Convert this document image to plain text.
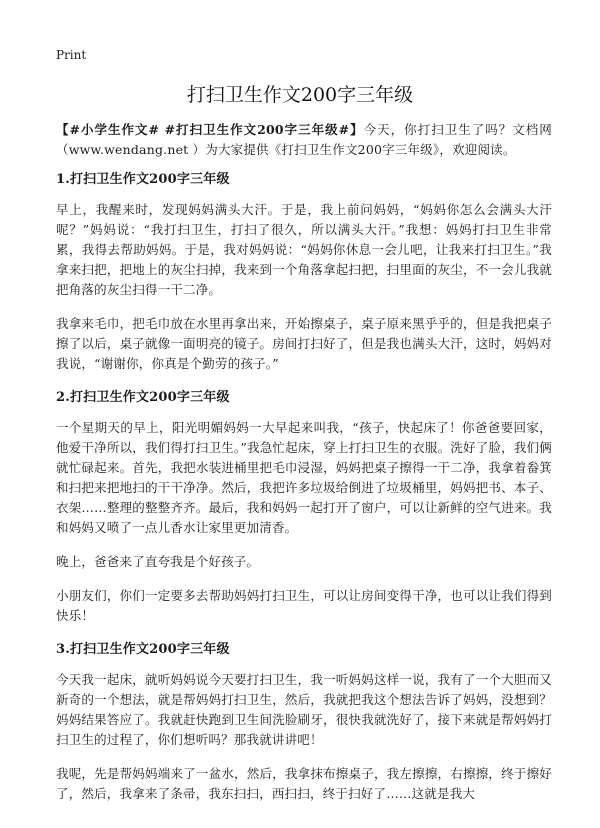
Print
打扫卫生作文200字三年级

【#小学生作文# #打扫卫生作文200字三年级#】今天，你打扫卫生了吗？文档网（www.wendang.net ）为大家提供《打扫卫生作文200字三年级》，欢迎阅读。

1.打扫卫生作文200字三年级

早上，我醒来时，发现妈妈满头大汗。于是，我上前问妈妈，“妈妈你怎么会满头大汗呢？”妈妈说：“我打扫卫生，打扫了很久，所以满头大汗。”我想：妈妈打扫卫生非常累，我得去帮助妈妈。于是，我对妈妈说：“妈妈你休息一会儿吧，让我来打扫卫生。”我拿来扫把，把地上的灰尘扫掉，我来到一个角落拿起扫把，扫里面的灰尘，不一会儿我就把角落的灰尘扫得一干二净。

我拿来毛巾，把毛巾放在水里再拿出来，开始擦桌子，桌子原来黑乎乎的，但是我把桌子擦了以后，桌子就像一面明亮的镜子。房间打扫好了，但是我也满头大汗，这时，妈妈对我说，“谢谢你，你真是个勤劳的孩子。”

2.打扫卫生作文200字三年级

一个星期天的早上，阳光明媚妈妈一大早起来叫我，“孩子，快起床了！你爸爸要回家，他爱干净所以，我们得打扫卫生。”我急忙起床，穿上打扫卫生的衣服。洗好了脸，我们俩就忙碌起来。首先，我把水装进桶里把毛巾浸湿，妈妈把桌子擦得一干二净，我拿着畚箕和扫把来把地扫的干干净净。然后，我把许多垃圾给倒进了垃圾桶里，妈妈把书、本子、衣架……整理的整整齐齐。最后，我和妈妈一起打开了窗户，可以让新鲜的空气进来。我和妈妈又喷了一点儿香水让家里更加清香。

晚上，爸爸来了直夸我是个好孩子。

小朋友们，你们一定要多去帮助妈妈打扫卫生，可以让房间变得干净，也可以让我们得到快乐！

3.打扫卫生作文200字三年级

今天我一起床，就听妈妈说今天要打扫卫生，我一听妈妈这样一说，我有了一个大胆而又新奇的一个想法，就是帮妈妈打扫卫生，然后，我就把我这个想法告诉了妈妈，没想到？妈妈结果答应了。我就赶快跑到卫生间洗脸刷牙，很快我就洗好了，接下来就是帮妈妈打扫卫生的过程了，你们想听吗？那我就讲讲吧！

我呢，先是帮妈妈端来了一盆水，然后，我拿抹布擦桌子，我左擦擦，右擦擦，终于擦好了，然后，我拿来了条帚，我东扫扫，西扫扫，终于扫好了……这就是我大
